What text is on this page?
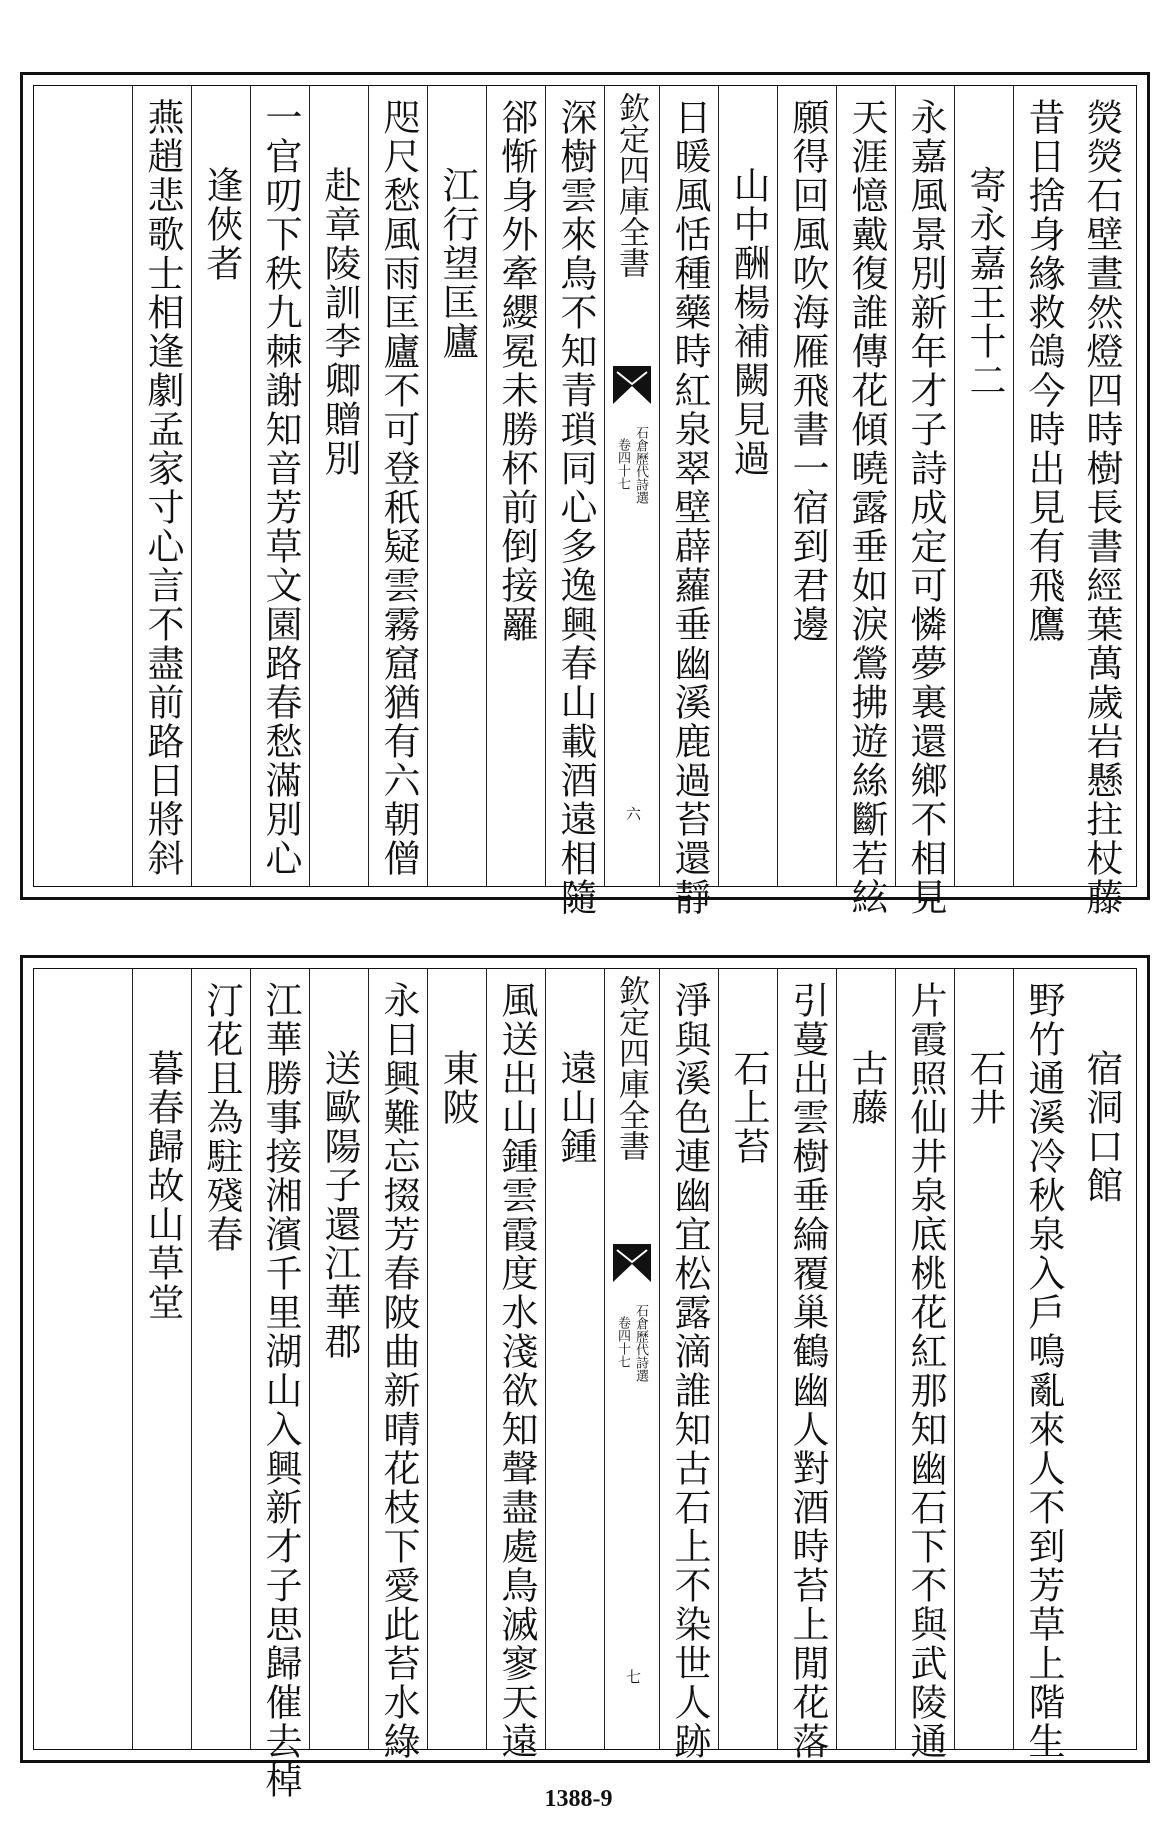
熒熒石壁晝然燈四時樹長書經葉萬歲岩懸拄杖藤
昔日捨身緣救鴿今時出見有飛鷹
寄永嘉王十二
永嘉風景別新年才子詩成定可憐夢裏還鄉不相見
天涯憶戴復誰傳花傾曉露垂如淚鶯拂遊絲斷若絃
願得回風吹海雁飛書一宿到君邊
山中酬楊補闕見過
日暖風恬種藥時紅泉翠壁薜蘿垂幽溪鹿過苔還靜
欽定四庫全書
石倉歷代詩選
卷四十七
六
深樹雲來鳥不知青瑣同心多逸興春山載酒遠相隨
郤惭身外牽纓冕未勝杯前倒接䍦
江行望匡廬
咫尺愁風雨匡廬不可登秖疑雲霧窟猶有六朝僧
赴章陵訓李卿贈別
一官叨下秩九棘謝知音芳草文園路春愁滿別心
逢俠者
燕趙悲歌士相逢劇孟家寸心言不盡前路日將斜
宿洞口館
野竹通溪冷秋泉入戶鳴亂來人不到芳草上階生
石井
片霞照仙井泉底桃花紅那知幽石下不與武陵通
古藤
引蔓出雲樹垂綸覆巢鶴幽人對酒時苔上閒花落
石上苔
淨與溪色連幽宜松露滴誰知古石上不染世人跡
欽定四庫全書
石倉歷代詩選
卷四十七
七
遠山鍾
風送出山鍾雲霞度水淺欲知聲盡處鳥滅寥天遠
東陂
永日興難忘掇芳春陂曲新晴花枝下愛此苔水綠
送歐陽子還江華郡
江華勝事接湘濱千里湖山入興新才子思歸催去棹
汀花且為駐殘春
暮春歸故山草堂
1388-9
